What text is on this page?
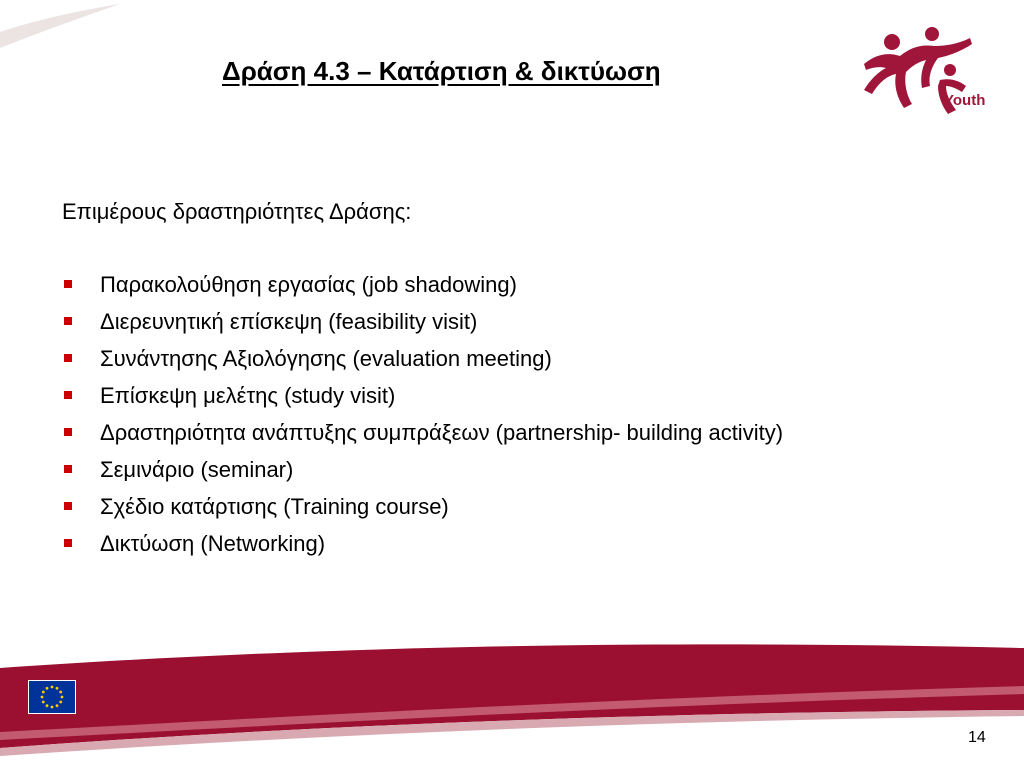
Δράση 4.3 – Κατάρτιση & δικτύωση
Youth
Επιμέρους δραστηριότητες Δράσης:
Παρακολούθηση εργασίας (job shadowing)
Διερευνητική επίσκεψη (feasibility visit)
Συνάντησης Αξιολόγησης (evaluation meeting)
Επίσκεψη μελέτης (study visit)
Δραστηριότητα ανάπτυξης συμπράξεων (partnership- building activity)
Σεμινάριο (seminar)
Σχέδιο κατάρτισης (Training course)
Δικτύωση (Networking)
14
